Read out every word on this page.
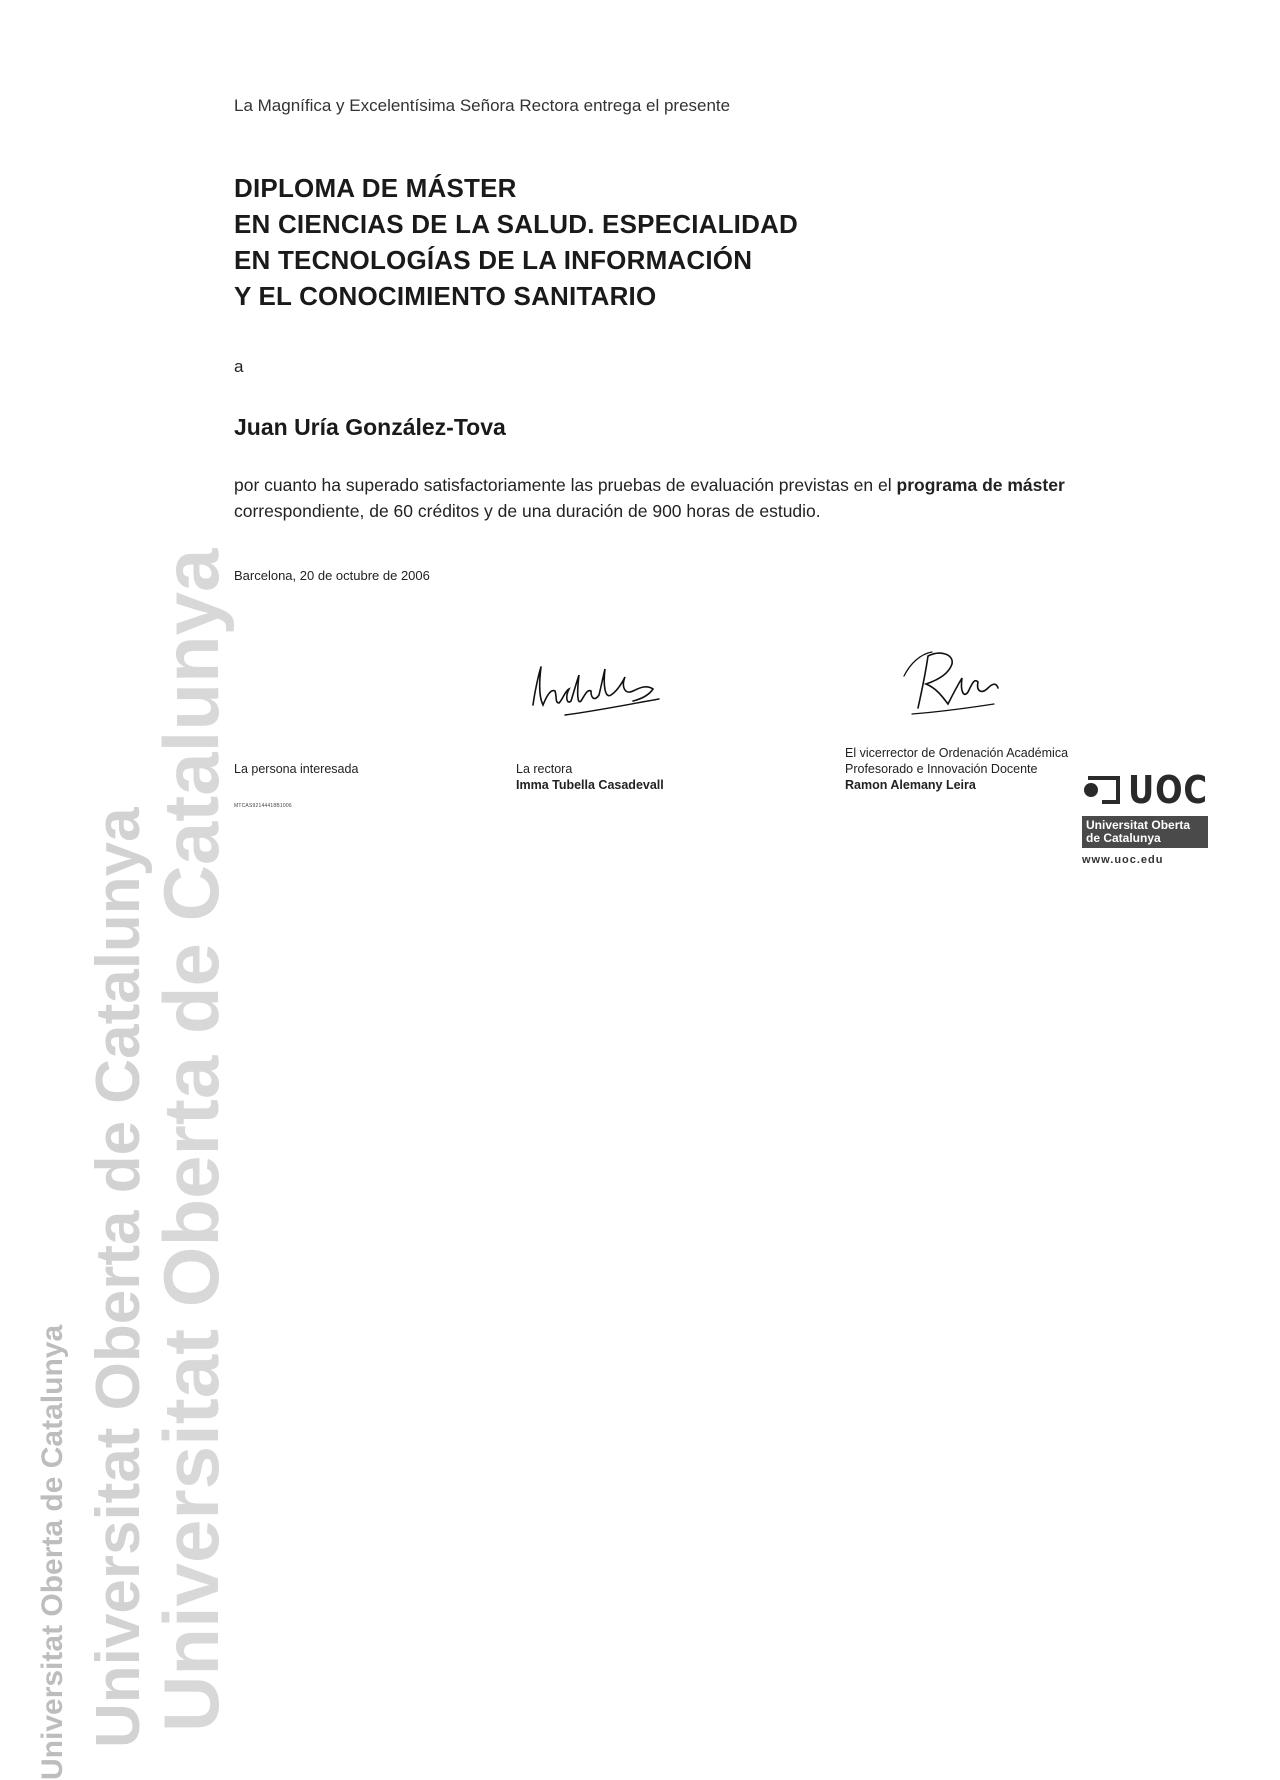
Universitat Oberta de Catalunya
Universitat Oberta de Catalunya Universitat Oberta de Catalunya
La Magnífica y Excelentísima Señora Rectora entrega el presente
DIPLOMA DE MÁSTER
EN CIENCIAS DE LA SALUD. ESPECIALIDAD
EN TECNOLOGÍAS DE LA INFORMACIÓN
Y EL CONOCIMIENTO SANITARIO
a
Juan Uría González-Tova
por cuanto ha superado satisfactoriamente las pruebas de evaluación previstas en el programa de máster correspondiente, de 60 créditos y de una duración de 900 horas de estudio.
Barcelona, 20 de octubre de 2006
La persona interesada	La rectora
Imma Tubella Casadevall
El vicerrector de Ordenación Académica
Profesorado e Innovación Docente
Ramon Alemany Leira
MTCAS92144418B1006	UOC
Universitat Oberta
de Catalunya
www.uoc.edu
